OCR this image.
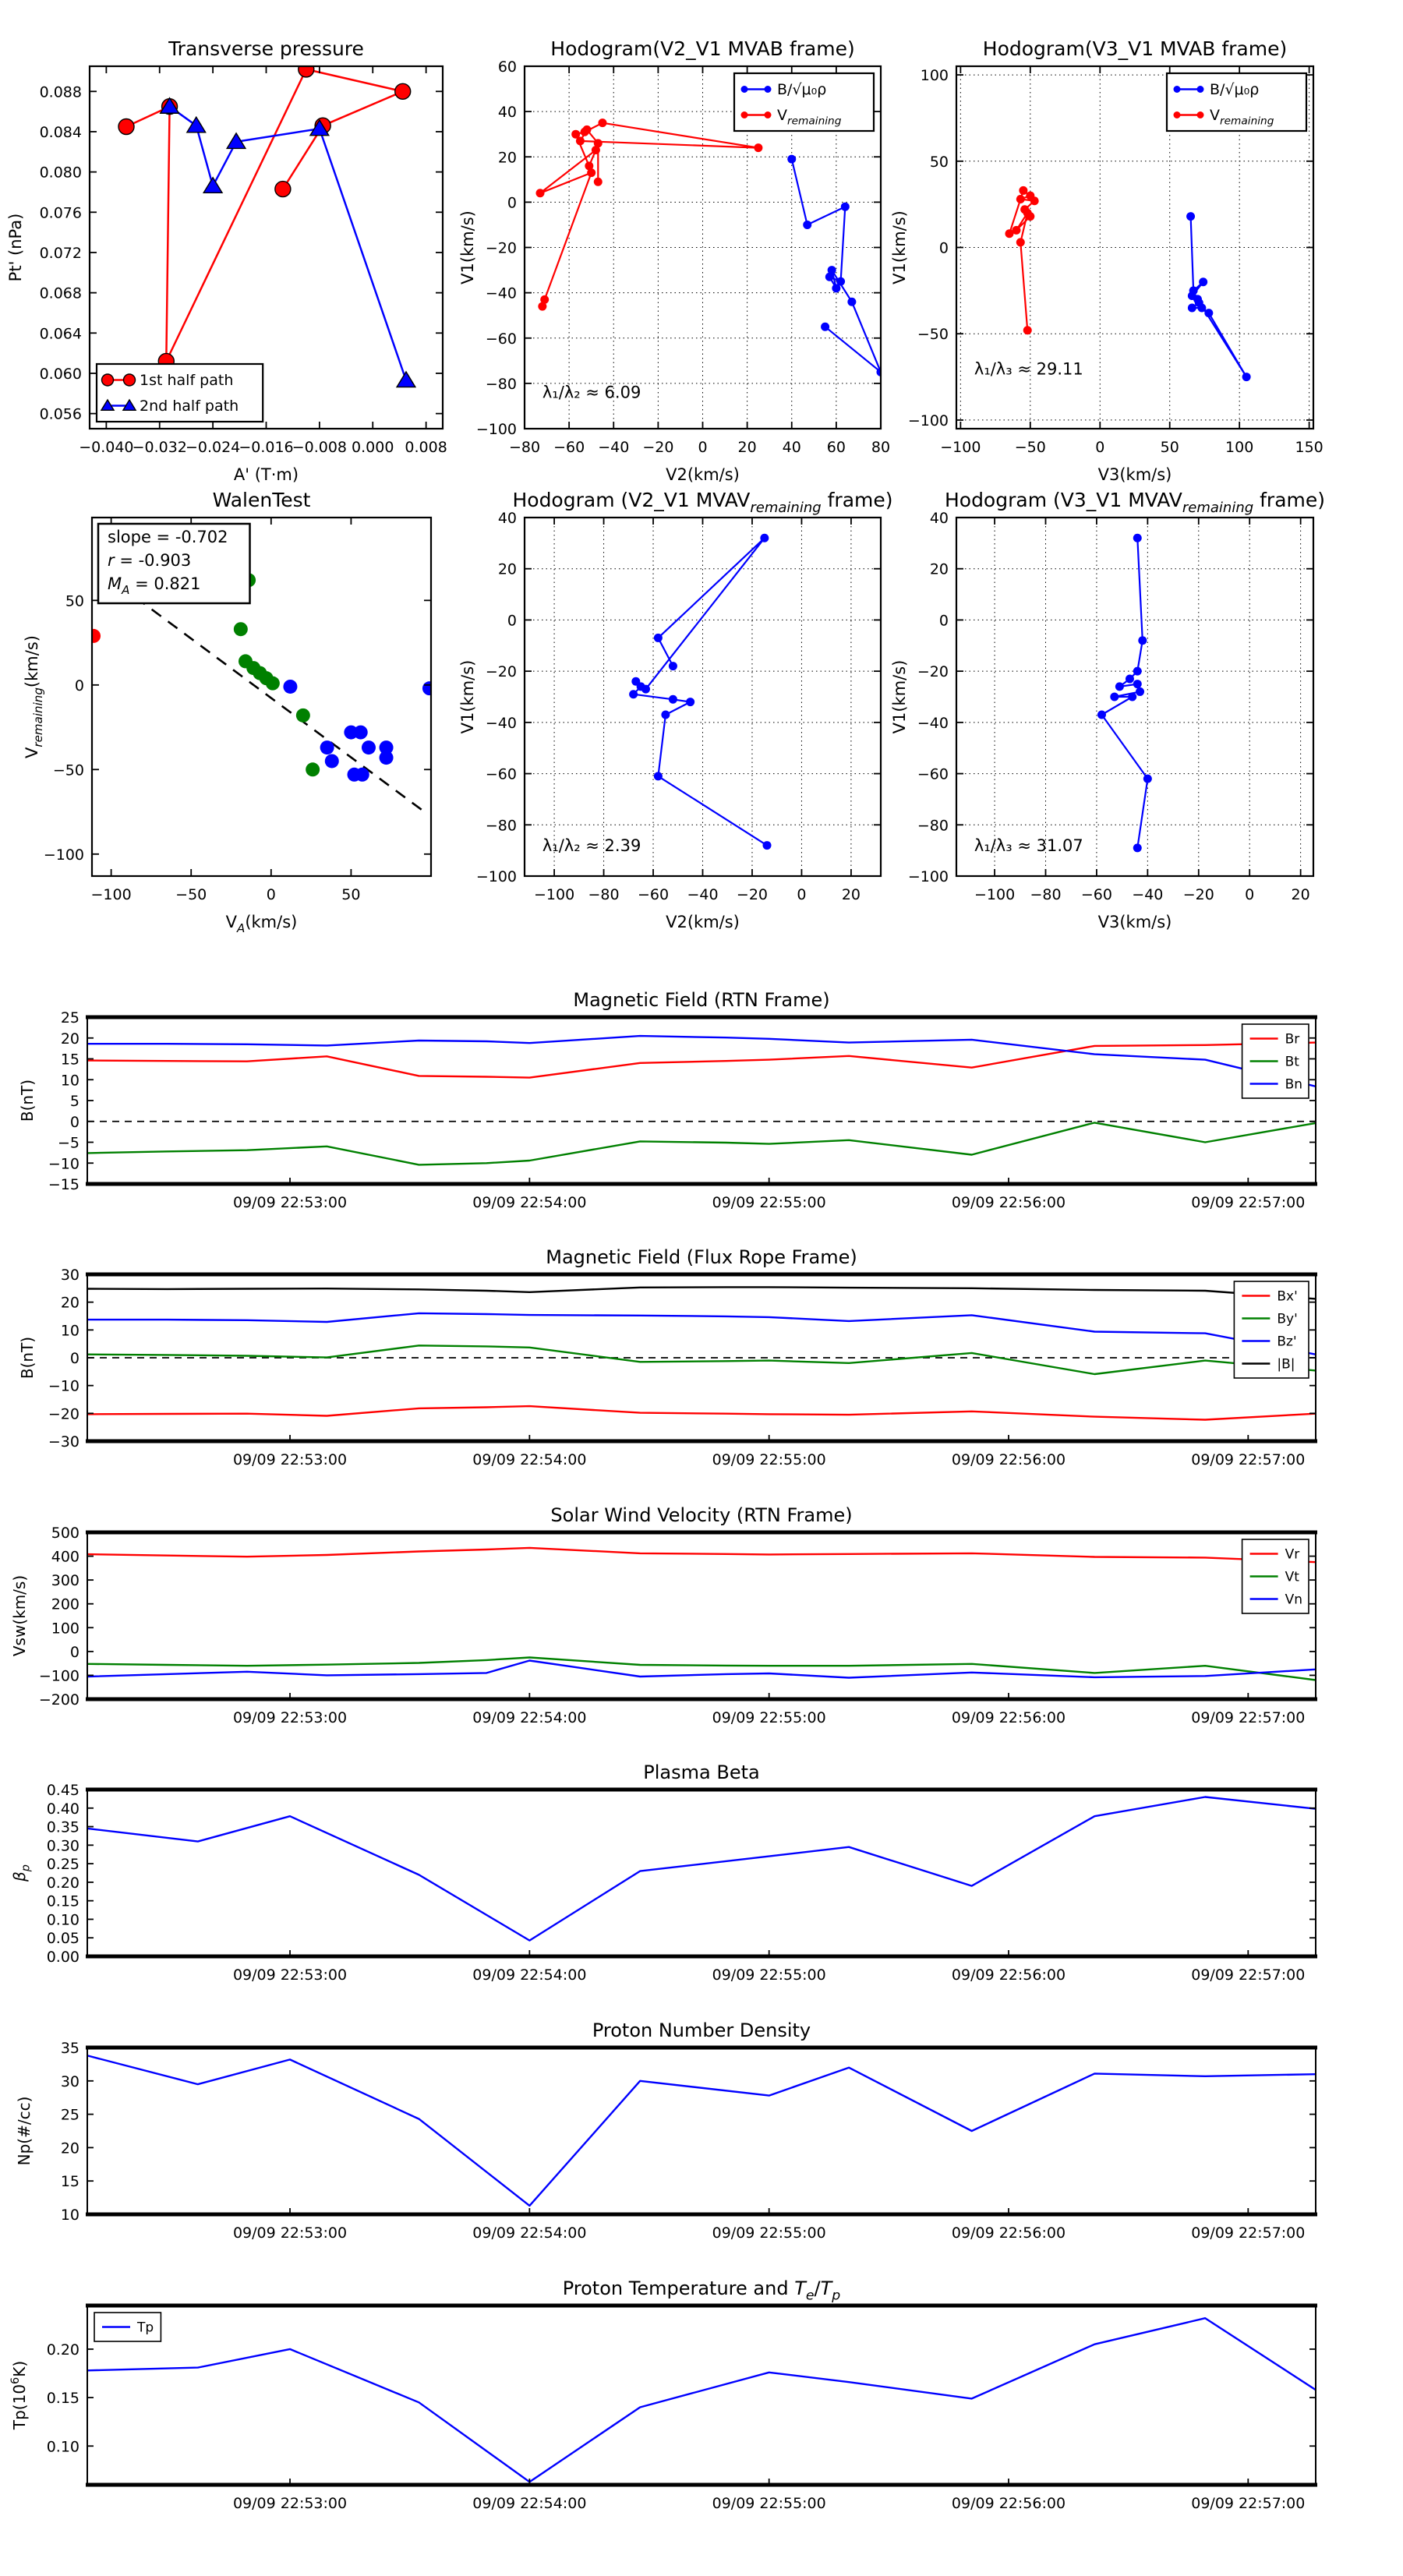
−0.040
−0.032
−0.024
−0.016
−0.008 0.000 0.008
0.056
0.060
0.064
0.068
0.072
0.076
0.080
0.084
0.088
Transverse pressure
A' (T·m)
Pt' (nPa)
1st half path
2nd half path
−80 −60 −40 −20 0 20 40 60 80
−100
−80
−60
−40
−20
0
20
40
60
Hodogram(V2_V1 MVAB frame)
V2(km/s)
V1(km/s)
λ₁/λ₂ ≈ 6.09
B/√μ₀ρ
$V_{remaining}$
−100 −50	0	50	100	150
−100
−50
0
50
100
Hodogram(V3_V1 MVAB frame)
V3(km/s)
V1(km/s)
λ₁/λ₃ ≈ 29.11
B/√μ₀ρ
$V_{remaining}$
−100	−50	0	50
50
0
−50
−100
WalenTest
$V_A(km/s)$
$V_{remaining}(km/s)$
slope = -0.702
r = -0.903
$M_A = 0.821$
−100 −80 −60 −40 −20 0 20
−100
−80
−60
−40
−20
0
20
40
Hodogram (V2_V1 $MVAV_{remaining}$ frame)
V2(km/s)
V1(km/s)
λ₁/λ₂ ≈ 2.39
−100 −80 −60 −40 −20 0 20
−100
−80
−60
−40
−20
0
20
40
Hodogram (V3_V1 $MVAV_{remaining}$ frame)
V3(km/s)
V1(km/s)
λ₁/λ₃ ≈ 31.07
09/09 22:53:00	09/09 22:54:00	09/09 22:55:00	09/09 22:56:00	09/09 22:57:00
−15
−10
−5
0
5
10
15
20
25
Magnetic Field (RTN Frame)
B(nT)
Br
Bt
Bn
09/09 22:53:00	09/09 22:54:00	09/09 22:55:00	09/09 22:56:00	09/09 22:57:00
−30
−20
−10
0
10
20
30
Magnetic Field (Flux Rope Frame)
B(nT)
Bx'
By'
Bz'
|B|
09/09 22:53:00	09/09 22:54:00	09/09 22:55:00	09/09 22:56:00	09/09 22:57:00
−200
−100
0
100
200
300
400
500
Solar Wind Velocity (RTN Frame)
Vsw(km/s)
Vr
Vt
Vn
09/09 22:53:00	09/09 22:54:00	09/09 22:55:00	09/09 22:56:00	09/09 22:57:00
0.00
0.05
0.10
0.15
0.20
0.25
0.30
0.35
0.40
0.45
Plasma Beta
$\beta_p$
09/09 22:53:00	09/09 22:54:00	09/09 22:55:00	09/09 22:56:00	09/09 22:57:00
10
15
20
25
30
35
Proton Number Density
Np(#/cc)
09/09 22:53:00	09/09 22:54:00	09/09 22:55:00	09/09 22:56:00	09/09 22:57:00
0.10
0.15
0.20
Proton Temperature and $T_e/T_p$
$Tp(10^6K)$
Tp
